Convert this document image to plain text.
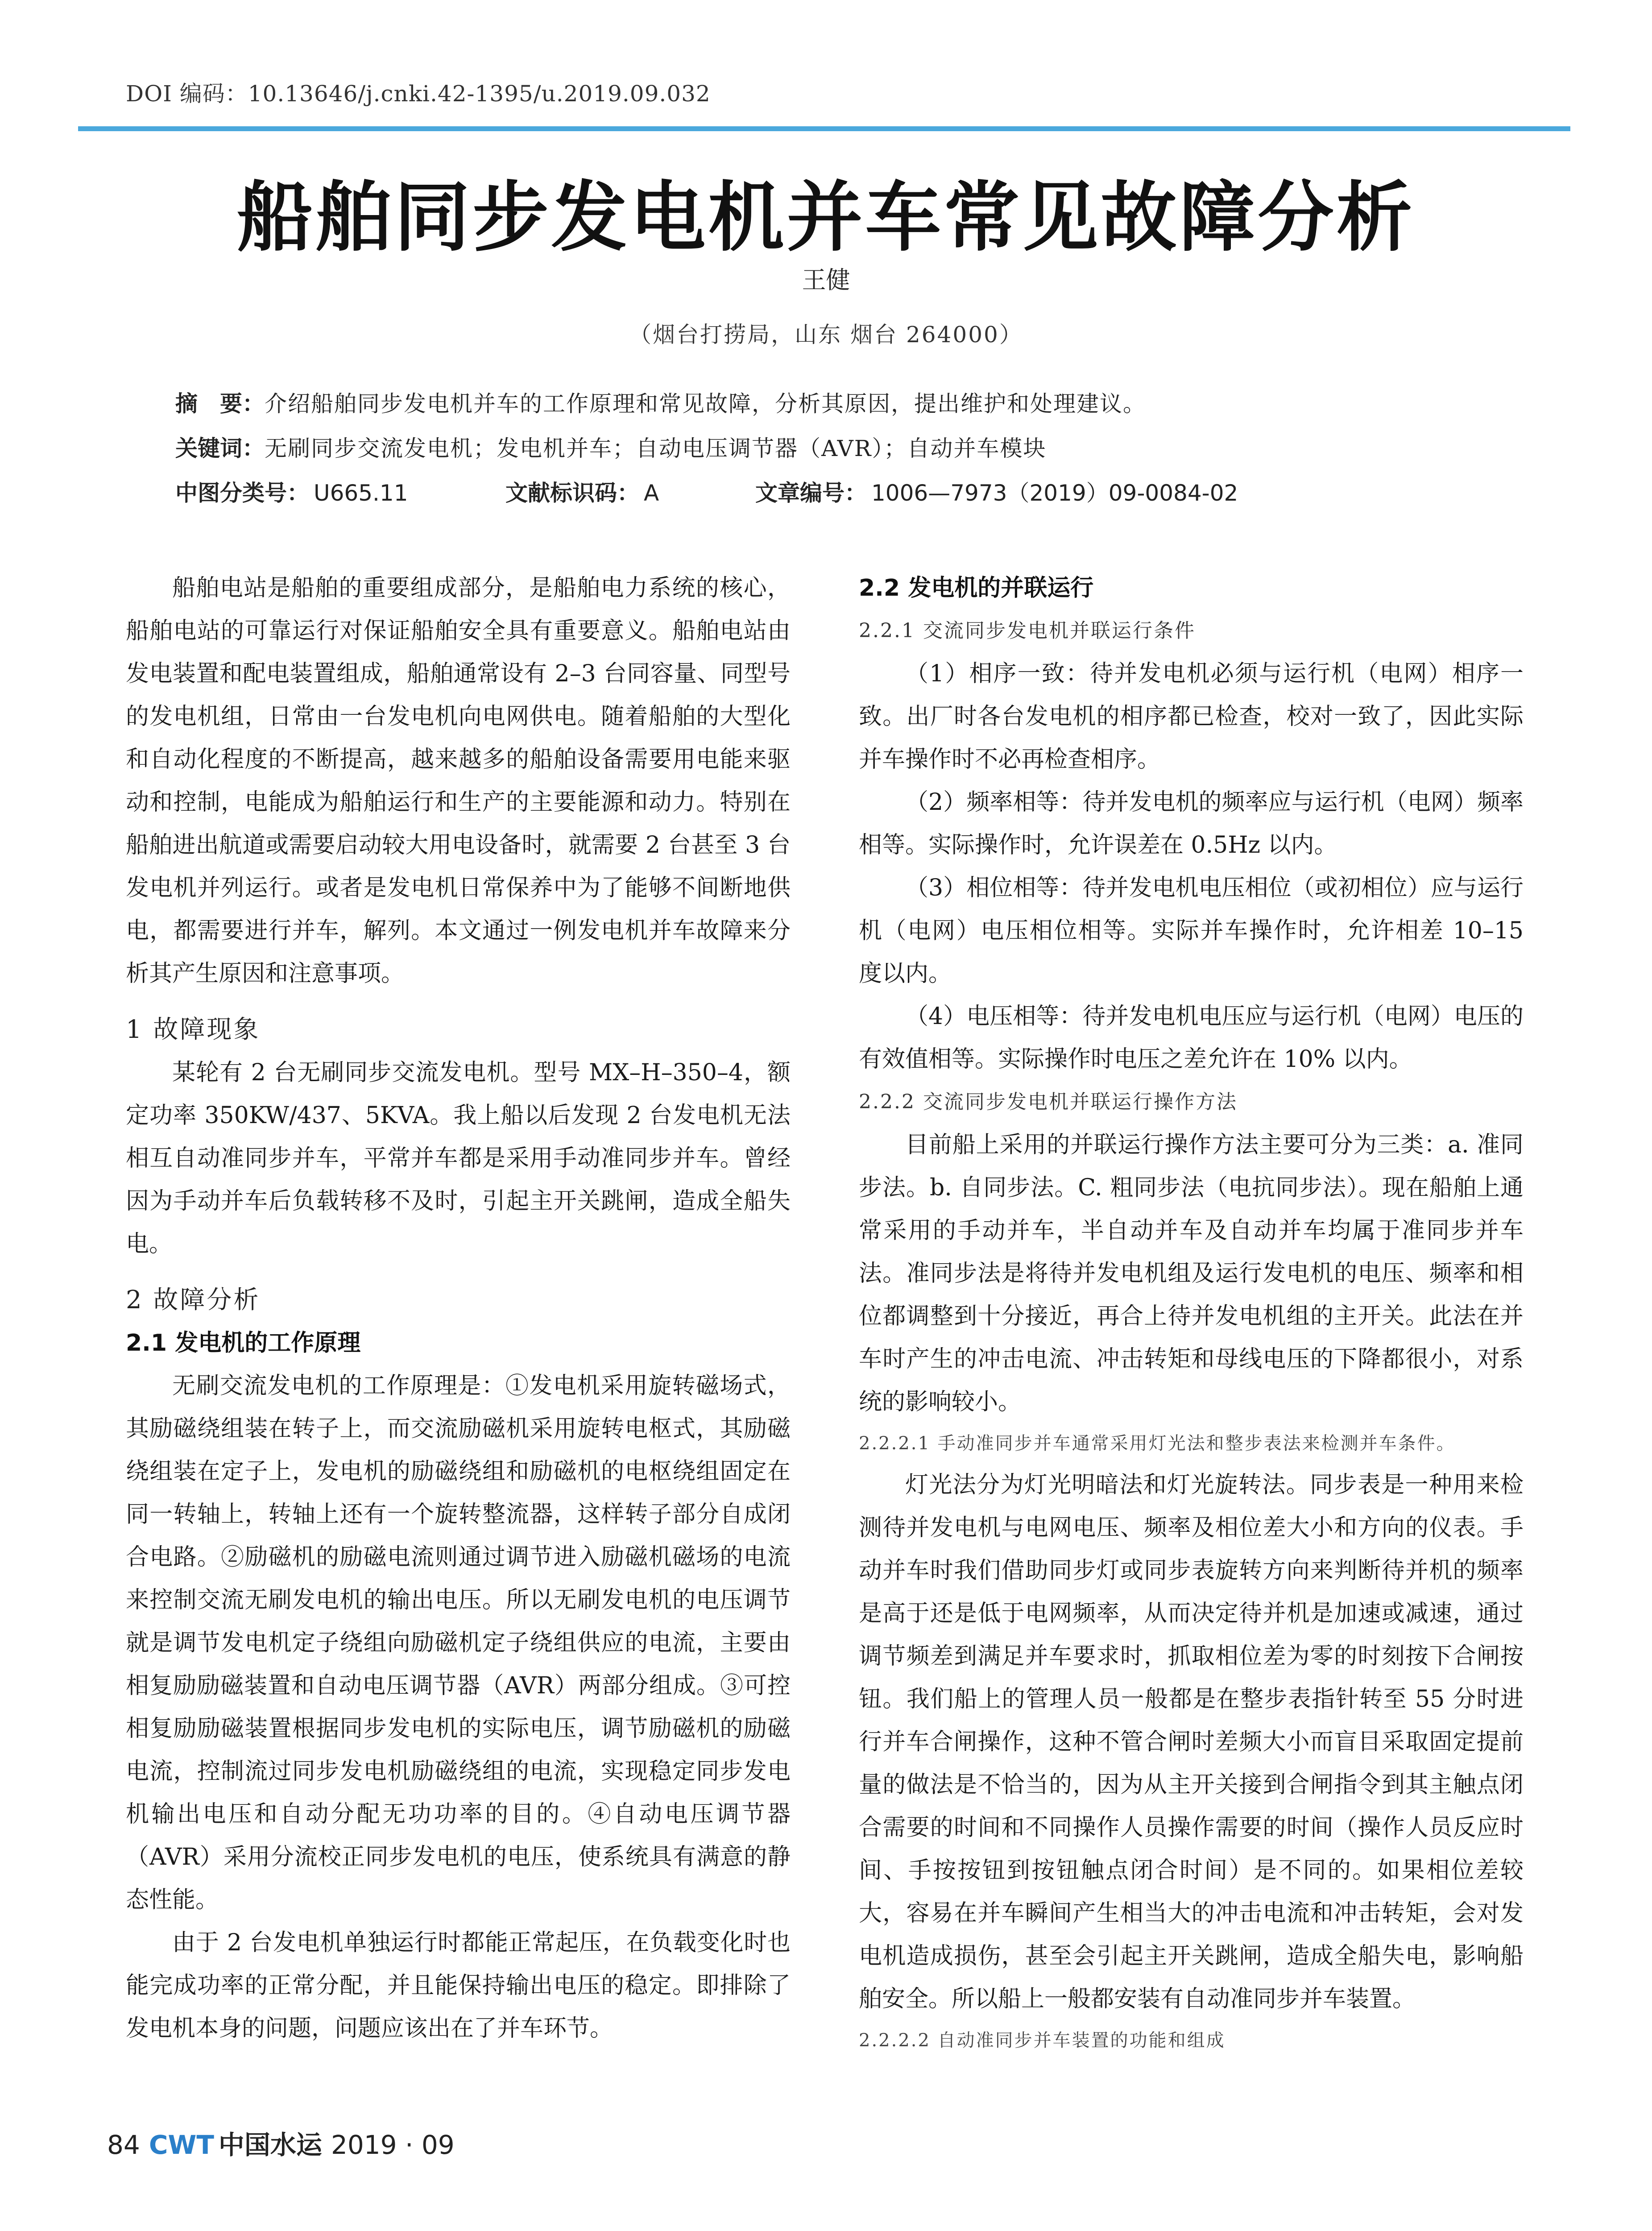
DOI 编码：10.13646/j.cnki.42-1395/u.2019.09.032
船舶同步发电机并车常见故障分析
王健
（烟台打捞局，山东 烟台 264000）
摘　要：介绍船舶同步发电机并车的工作原理和常见故障，分析其原因，提出维护和处理建议。
关键词：无刷同步交流发电机；发电机并车；自动电压调节器（AVR）；自动并车模块
中图分类号： U665.11	文献标识码： A	文章编号： 1006—7973（2019）09-0084-02

船舶电站是船舶的重要组成部分，是船舶电力系统的核心，船舶电站的可靠运行对保证船舶安全具有重要意义。船舶电站由发电装置和配电装置组成，船舶通常设有 2–3 台同容量、同型号的发电机组，日常由一台发电机向电网供电。随着船舶的大型化和自动化程度的不断提高，越来越多的船舶设备需要用电能来驱动和控制，电能成为船舶运行和生产的主要能源和动力。特别在船舶进出航道或需要启动较大用电设备时，就需要 2 台甚至 3 台发电机并列运行。或者是发电机日常保养中为了能够不间断地供电，都需要进行并车，解列。本文通过一例发电机并车故障来分析其产生原因和注意事项。

1 故障现象

某轮有 2 台无刷同步交流发电机。型号 MX–H–350–4，额定功率 350KW/437、5KVA。我上船以后发现 2 台发电机无法相互自动准同步并车，平常并车都是采用手动准同步并车。曾经因为手动并车后负载转移不及时，引起主开关跳闸，造成全船失电。

2 故障分析
2.1 发电机的工作原理

无刷交流发电机的工作原理是：①发电机采用旋转磁场式，其励磁绕组装在转子上，而交流励磁机采用旋转电枢式，其励磁绕组装在定子上，发电机的励磁绕组和励磁机的电枢绕组固定在同一转轴上，转轴上还有一个旋转整流器，这样转子部分自成闭合电路。②励磁机的励磁电流则通过调节进入励磁机磁场的电流来控制交流无刷发电机的输出电压。所以无刷发电机的电压调节就是调节发电机定子绕组向励磁机定子绕组供应的电流，主要由相复励励磁装置和自动电压调节器（AVR）两部分组成。③可控相复励励磁装置根据同步发电机的实际电压，调节励磁机的励磁电流，控制流过同步发电机励磁绕组的电流，实现稳定同步发电机输出电压和自动分配无功功率的目的。④自动电压调节器（AVR）采用分流校正同步发电机的电压，使系统具有满意的静态性能。

由于 2 台发电机单独运行时都能正常起压，在负载变化时也能完成功率的正常分配，并且能保持输出电压的稳定。即排除了发电机本身的问题，问题应该出在了并车环节。

2.2 发电机的并联运行
2.2.1 交流同步发电机并联运行条件

（1）相序一致：待并发电机必须与运行机（电网）相序一致。出厂时各台发电机的相序都已检查，校对一致了，因此实际并车操作时不必再检查相序。

（2）频率相等：待并发电机的频率应与运行机（电网）频率相等。实际操作时，允许误差在 0.5Hz 以内。

（3）相位相等：待并发电机电压相位（或初相位）应与运行机（电网）电压相位相等。实际并车操作时，允许相差 10–15 度以内。

（4）电压相等：待并发电机电压应与运行机（电网）电压的有效值相等。实际操作时电压之差允许在 10% 以内。

2.2.2 交流同步发电机并联运行操作方法

目前船上采用的并联运行操作方法主要可分为三类：a. 准同步法。b. 自同步法。C. 粗同步法（电抗同步法）。现在船舶上通常采用的手动并车，半自动并车及自动并车均属于准同步并车法。准同步法是将待并发电机组及运行发电机的电压、频率和相位都调整到十分接近，再合上待并发电机组的主开关。此法在并车时产生的冲击电流、冲击转矩和母线电压的下降都很小，对系统的影响较小。

2.2.2.1 手动准同步并车通常采用灯光法和整步表法来检测并车条件。

灯光法分为灯光明暗法和灯光旋转法。同步表是一种用来检测待并发电机与电网电压、频率及相位差大小和方向的仪表。手动并车时我们借助同步灯或同步表旋转方向来判断待并机的频率是高于还是低于电网频率，从而决定待并机是加速或减速，通过调节频差到满足并车要求时，抓取相位差为零的时刻按下合闸按钮。我们船上的管理人员一般都是在整步表指针转至 55 分时进行并车合闸操作，这种不管合闸时差频大小而盲目采取固定提前量的做法是不恰当的，因为从主开关接到合闸指令到其主触点闭合需要的时间和不同操作人员操作需要的时间（操作人员反应时间、手按按钮到按钮触点闭合时间）是不同的。如果相位差较大，容易在并车瞬间产生相当大的冲击电流和冲击转矩，会对发电机造成损伤，甚至会引起主开关跳闸，造成全船失电，影响船舶安全。所以船上一般都安装有自动准同步并车装置。

2.2.2.2 自动准同步并车装置的功能和组成
84 CWT 中国水运 2019 · 09
